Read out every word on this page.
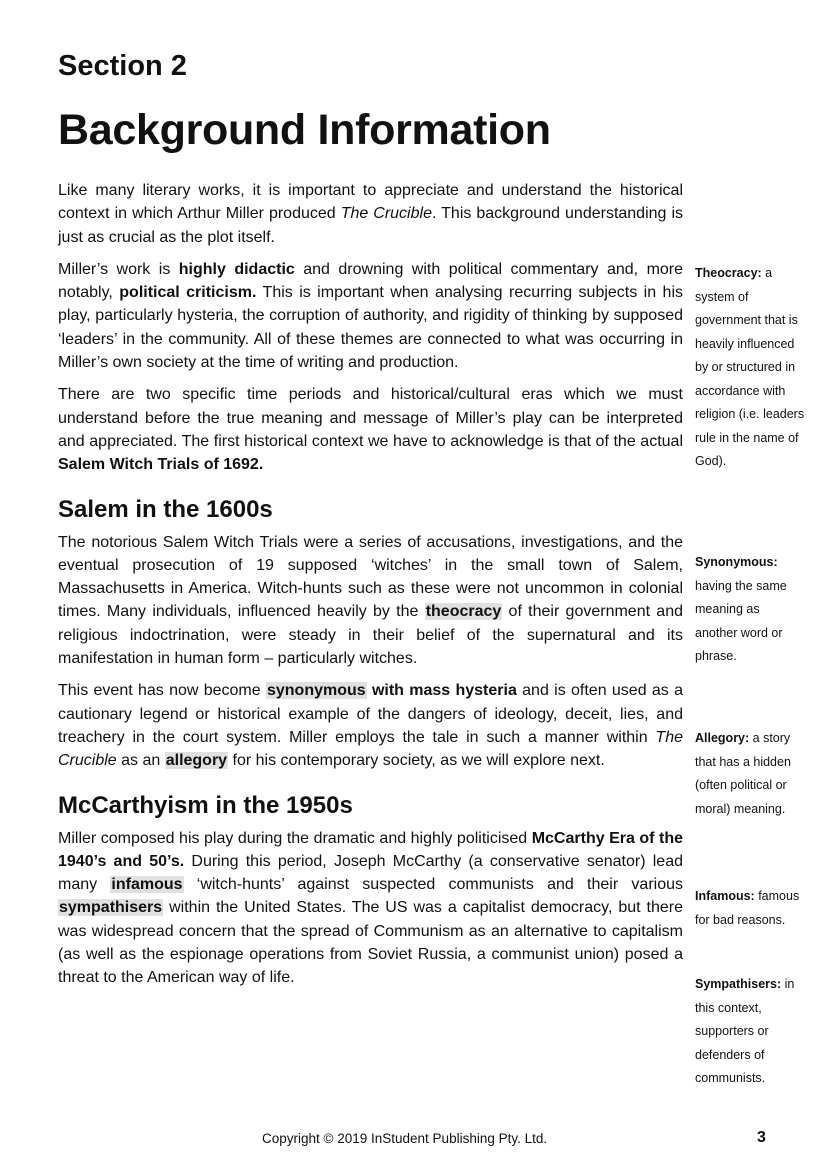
Section 2
Background Information

Like many literary works, it is important to appreciate and understand the historical context in which Arthur Miller produced The Crucible. This background understanding is just as crucial as the plot itself.

Miller’s work is highly didactic and drowning with political commentary and, more notably, political criticism. This is important when analysing recurring subjects in his play, particularly hysteria, the corruption of authority, and rigidity of thinking by supposed ‘leaders’ in the community. All of these themes are connected to what was occurring in Miller’s own society at the time of writing and production.

There are two specific time periods and historical/cultural eras which we must understand before the true meaning and message of Miller’s play can be interpreted and appreciated. The first historical context we have to acknowledge is that of the actual Salem Witch Trials of 1692.

Salem in the 1600s

The notorious Salem Witch Trials were a series of accusations, investigations, and the eventual prosecution of 19 supposed ‘witches’ in the small town of Salem, Massachusetts in America. Witch-hunts such as these were not uncommon in colonial times. Many individuals, influenced heavily by the theocracy of their government and religious indoctrination, were steady in their belief of the supernatural and its manifestation in human form – particularly witches.

This event has now become synonymous with mass hysteria and is often used as a cautionary legend or historical example of the dangers of ideology, deceit, lies, and treachery in the court system. Miller employs the tale in such a manner within The Crucible as an allegory for his contemporary society, as we will explore next.

McCarthyism in the 1950s

Miller composed his play during the dramatic and highly politicised McCarthy Era of the 1940’s and 50’s. During this period, Joseph McCarthy (a conservative senator) lead many infamous ‘witch-hunts’ against suspected communists and their various sympathisers within the United States. The US was a capitalist democracy, but there was widespread concern that the spread of Communism as an alternative to capitalism (as well as the espionage operations from Soviet Russia, a communist union) posed a threat to the American way of life.

Theocracy: a system of government that is heavily influenced by or structured in accordance with religion (i.e. leaders rule in the name of God).
Synonymous: having the same meaning as another word or phrase.
Allegory: a story that has a hidden (often political or moral) meaning.
Infamous: famous for bad reasons.
Sympathisers: in this context, supporters or defenders of communists.
Copyright © 2019 InStudent Publishing Pty. Ltd.	3
